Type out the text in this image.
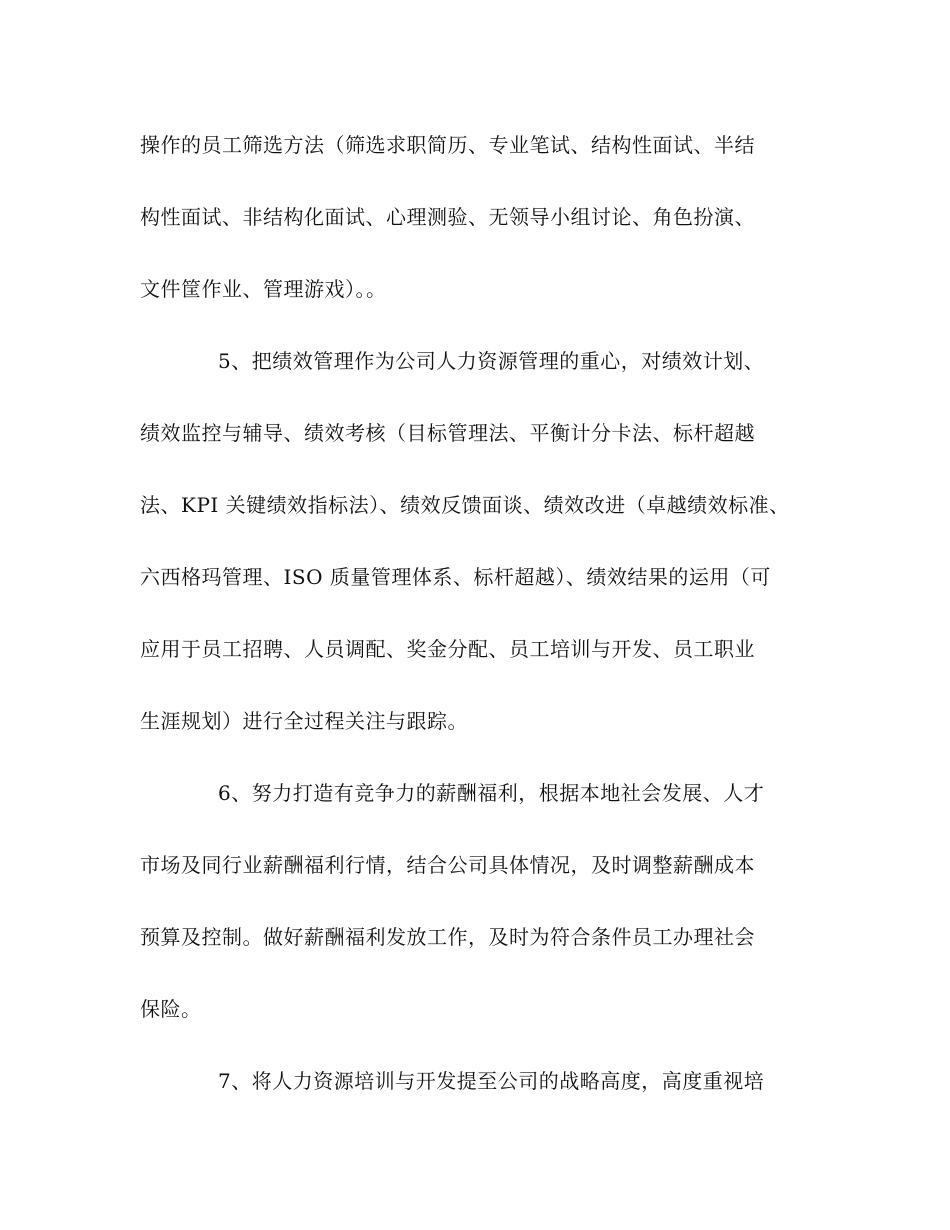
操作的员工筛选方法（筛选求职简历、专业笔试、结构性面试、半结
构性面试、非结构化面试、心理测验、无领导小组讨论、角色扮演、
文件筐作业、管理游戏）。。
5、把绩效管理作为公司人力资源管理的重心，对绩效计划、
绩效监控与辅导、绩效考核（目标管理法、平衡计分卡法、标杆超越
法、KPI 关键绩效指标法）、绩效反馈面谈、绩效改进（卓越绩效标准、
六西格玛管理、ISO 质量管理体系、标杆超越）、绩效结果的运用（可
应用于员工招聘、人员调配、奖金分配、员工培训与开发、员工职业
生涯规划）进行全过程关注与跟踪。
6、努力打造有竞争力的薪酬福利，根据本地社会发展、人才
市场及同行业薪酬福利行情，结合公司具体情况，及时调整薪酬成本
预算及控制。做好薪酬福利发放工作，及时为符合条件员工办理社会
保险。
7、将人力资源培训与开发提至公司的战略高度，高度重视培
